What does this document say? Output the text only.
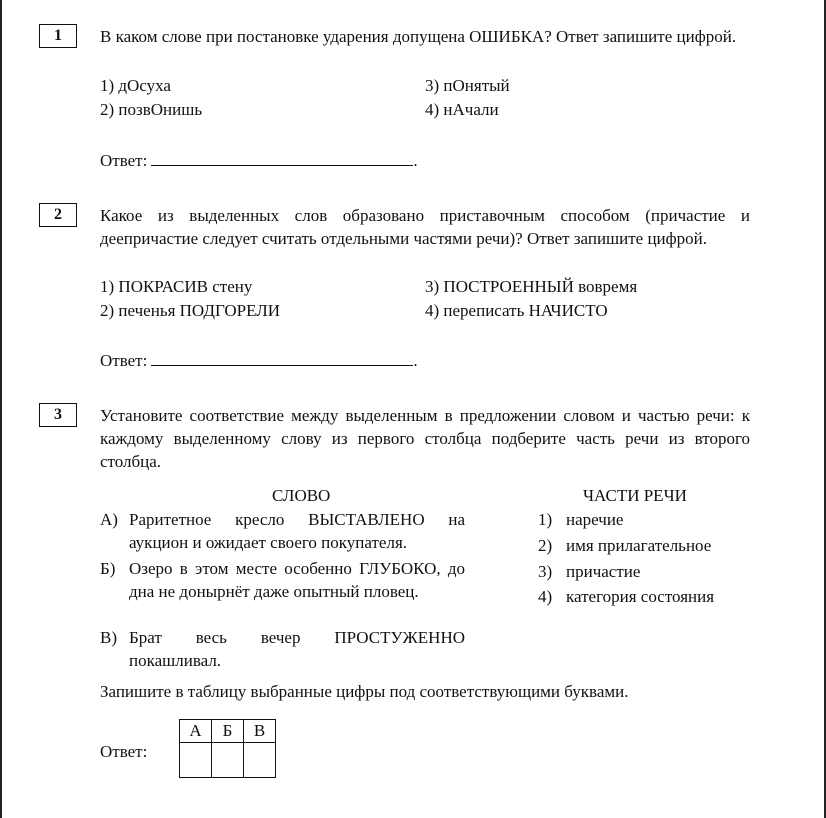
1	В каком слове при постановке ударения допущена ОШИБКА? Ответ запишите цифрой.
1) дОсуха
2) позвОнишь
3) пОнятый
4) нАчали
Ответ:	.
2	Какое из выделенных слов образовано приставочным способом (причастие и деепричастие следует считать отдельными частями речи)? Ответ запишите цифрой.
1) ПОКРАСИВ стену
2) печенья ПОДГОРЕЛИ
3) ПОСТРОЕННЫЙ вовремя
4) переписать НАЧИСТО
Ответ:	.
3	Установите соответствие между выделенным в предложении словом и частью речи: к каждому выделенному слову из первого столбца подберите часть речи из второго столбца.
СЛОВО	ЧАСТИ РЕЧИ
А) Раритетное кресло ВЫСТАВЛЕНО на аукцион и ожидает своего покупателя.
Б) Озеро в этом месте особенно ГЛУБОКО, до дна не донырнёт даже опытный пловец.
В) Брат весь вечер ПРОСТУЖЕННО покашливал.
1) наречие
2) имя прилагательное
3) причастие
4) категория состояния
Запишите в таблицу выбранные цифры под соответствующими буквами.
Ответ:
А	Б	В
